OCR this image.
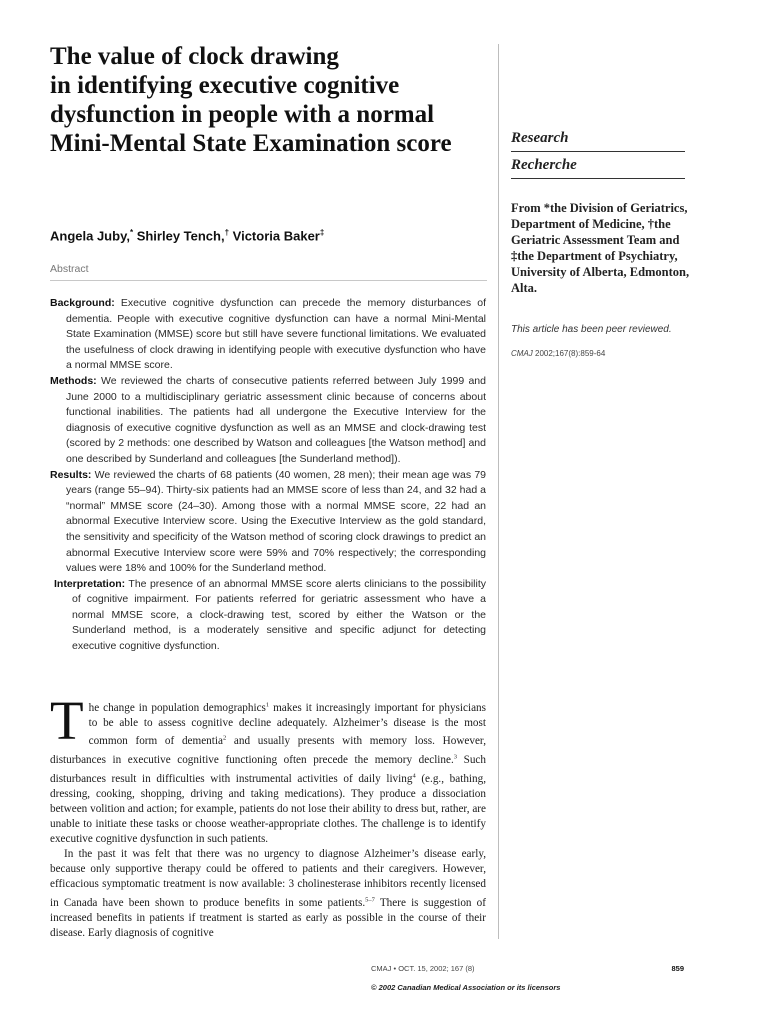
The value of clock drawing
in identifying executive cognitive
dysfunction in people with a normal
Mini-Mental State Examination score	Research
Recherche

From *the Division of Geriatrics, Department of Medicine, †the Geriatric Assessment Team and ‡the Department of Psychiatry, University of Alberta, Edmonton, Alta.

This article has been peer reviewed.

CMAJ 2002;167(8):859-64

Angela Juby,* Shirley Tench,† Victoria Baker‡

Abstract

Background: Executive cognitive dysfunction can precede the memory disturbances of dementia. People with executive cognitive dysfunction can have a normal Mini-Mental State Examination (MMSE) score but still have severe functional limitations. We evaluated the usefulness of clock drawing in identifying people with executive dysfunction who have a normal MMSE score.

Methods: We reviewed the charts of consecutive patients referred between July 1999 and June 2000 to a multidisciplinary geriatric assessment clinic because of concerns about functional inabilities. The patients had all undergone the Executive Interview for the diagnosis of executive cognitive dysfunction as well as an MMSE and clock-drawing test (scored by 2 methods: one described by Watson and colleagues [the Watson method] and one described by Sunderland and colleagues [the Sunderland method]).

Results: We reviewed the charts of 68 patients (40 women, 28 men); their mean age was 79 years (range 55–94). Thirty-six patients had an MMSE score of less than 24, and 32 had a “normal” MMSE score (24–30). Among those with a normal MMSE score, 22 had an abnormal Executive Interview score. Using the Executive Interview as the gold standard, the sensitivity and specificity of the Watson method of scoring clock drawings to predict an abnormal Executive Interview score were 59% and 70% respectively; the corresponding values were 18% and 100% for the Sunderland method.

Interpretation: The presence of an abnormal MMSE score alerts clinicians to the possibility of cognitive impairment. For patients referred for geriatric assessment who have a normal MMSE score, a clock-drawing test, scored by either the Watson or the Sunderland method, is a moderately sensitive and specific adjunct for detecting executive cognitive dysfunction.

The change in population demographics$^1$ makes it increasingly important for physicians to be able to assess cognitive decline adequately. Alzheimer’s disease is the most common form of dementia$^2$ and usually presents with memory loss. However, disturbances in executive cognitive functioning often precede the memory decline.$^3$ Such disturbances result in difficulties with instrumental activities of daily living$^4$ (e.g., bathing, dressing, cooking, shopping, driving and taking medications). They produce a dissociation between volition and action; for example, patients do not lose their ability to dress but, rather, are unable to initiate these tasks or choose weather-appropriate clothes. The challenge is to identify executive cognitive dysfunction in such patients.

In the past it was felt that there was no urgency to diagnose Alzheimer’s disease early, because only supportive therapy could be offered to patients and their caregivers. However, efficacious symptomatic treatment is now available: 3 cholinesterase inhibitors recently licensed in Canada have been shown to produce benefits in some patients.$^{5-7}$ There is suggestion of increased benefits in patients if treatment is started as early as possible in the course of their disease. Early diagnosis of cognitive

CMAJ • OCT. 15, 2002; 167 (8)	859

© 2002 Canadian Medical Association or its licensors
